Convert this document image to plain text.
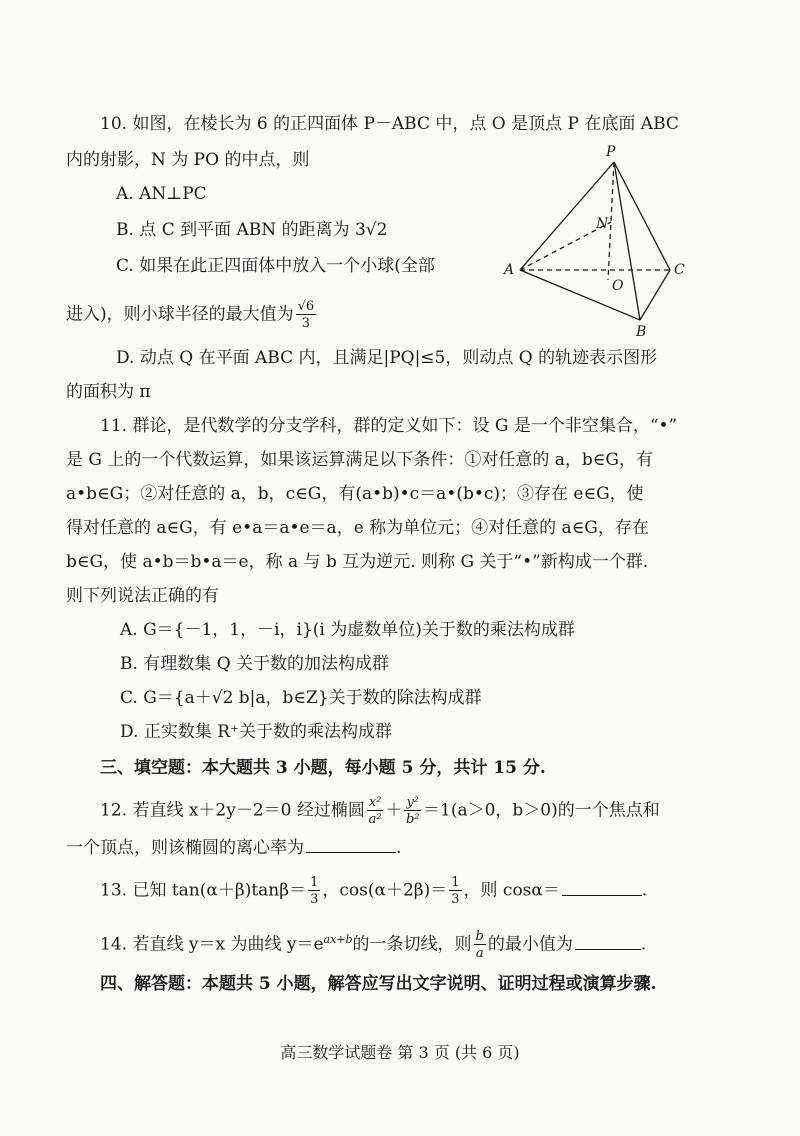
10. 如图，在棱长为 6 的正四面体 P－ABC 中，点 O 是顶点 P 在底面 ABC
内的射影，N 为 PO 的中点，则
A. AN⊥PC
B. 点 C 到平面 ABN 的距离为 3√2
C. 如果在此正四面体中放入一个小球(全部
进入)，则小球半径的最大值为 $\frac{√6}{3}$
D. 动点 Q 在平面 ABC 内，且满足|PQ|≤5，则动点 Q 的轨迹表示图形
的面积为 π
P
A
B
C
N
O
11. 群论，是代数学的分支学科，群的定义如下：设 G 是一个非空集合，“•”
是 G 上的一个代数运算，如果该运算满足以下条件：①对任意的 a，b∈G，有
a•b∈G；②对任意的 a，b，c∈G，有(a•b)•c＝a•(b•c)；③存在 e∈G，使
得对任意的 a∈G，有 e•a＝a•e＝a，e 称为单位元；④对任意的 a∈G，存在
b∈G，使 a•b＝b•a＝e，称 a 与 b 互为逆元. 则称 G 关于“•”新构成一个群.
则下列说法正确的有
A. G＝{－1，1，－i，i}(i 为虚数单位)关于数的乘法构成群
B. 有理数集 Q 关于数的加法构成群
C. G＝{a＋√2 b|a，b∈Z}关于数的除法构成群
D. 正实数集 R⁺关于数的乘法构成群
三、填空题：本大题共 3 小题，每小题 5 分，共计 15 分.
12. 若直线 x＋2y－2＝0 经过椭圆 $\frac{\text{x²}}{\text{a²}} + \frac{\text{y²}}{\text{b²}} =1(a>0$，b＞0)的一个焦点和
一个顶点，则该椭圆的离心率为	.
13. 已知 $\tan(\alpha+\beta)\tan\beta= \frac{1}{3}$ ，$\cos(\alpha+2\beta)= \frac{1}{3}$ ，则 cosα＝	.
14. 若直线 y＝x 为曲线 $y=e^{ax+b}$的一条切线，则 $\frac{b}{a}$ 的最小值为	.
四、解答题：本题共 5 小题，解答应写出文字说明、证明过程或演算步骤.
高三数学试题卷 第 3 页 (共 6 页)
